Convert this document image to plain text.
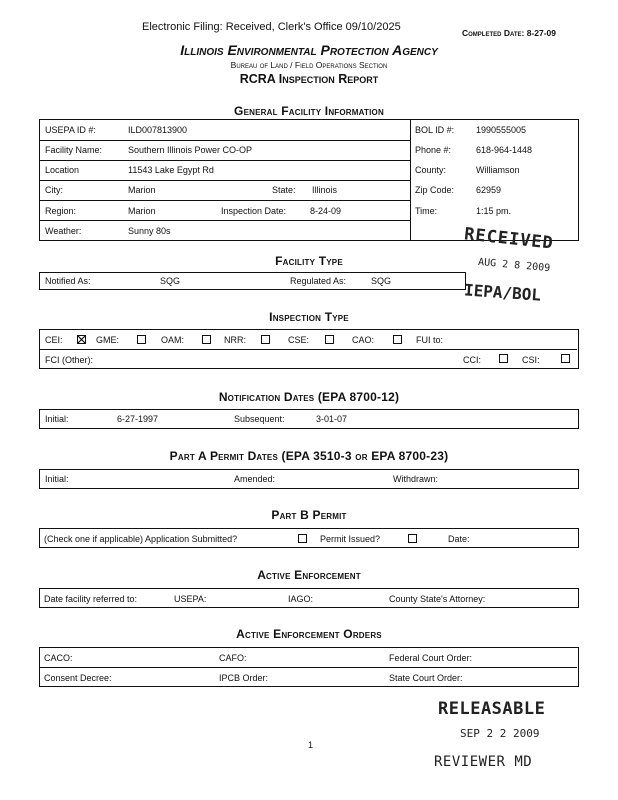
Electronic Filing: Received, Clerk's Office 09/10/2025	Completed Date: 8-27-09
Illinois Environmental Protection Agency
Bureau of Land / Field Operations Section
RCRA Inspection Report
General Facility Information
USEPA ID #:	ILD007813900	BOL ID #: 1990555005
Facility Name:	Southern Illinois Power CO-OP	Phone #:	618-964-1448
Location	11543 Lake Egypt Rd	County:	Williamson
City:	Marion	State: Illinois	Zip Code: 62959
Region:	Marion	Inspection Date:	8-24-09	Time:	1:15 pm.
Weather:	Sunny 80s	RECEIVED
AUG 2 8 2009
IEPA/BOL
Facility Type
Notified As:	SQG	Regulated As:	SQG
Inspection Type
CEI:	GME:	OAM:	NRR:	CSE:	CAO:	FUI to:
FCI (Other):	CCI:	CSI:
Notification Dates (EPA 8700-12)
Initial:	6-27-1997	Subsequent:	3-01-07
Part A Permit Dates (EPA 3510-3 or EPA 8700-23)
Initial:	Amended:	Withdrawn:
Part B Permit
(Check one if applicable) Application Submitted?	Permit Issued?	Date:
Active Enforcement
Date facility referred to:	USEPA:	IAGO:	County State's Attorney:
Active Enforcement Orders
CACO:	CAFO:	Federal Court Order:
Consent Decree:	IPCB Order:	State Court Order:
RELEASABLE
SEP 2 2 2009
REVIEWER MD
1
